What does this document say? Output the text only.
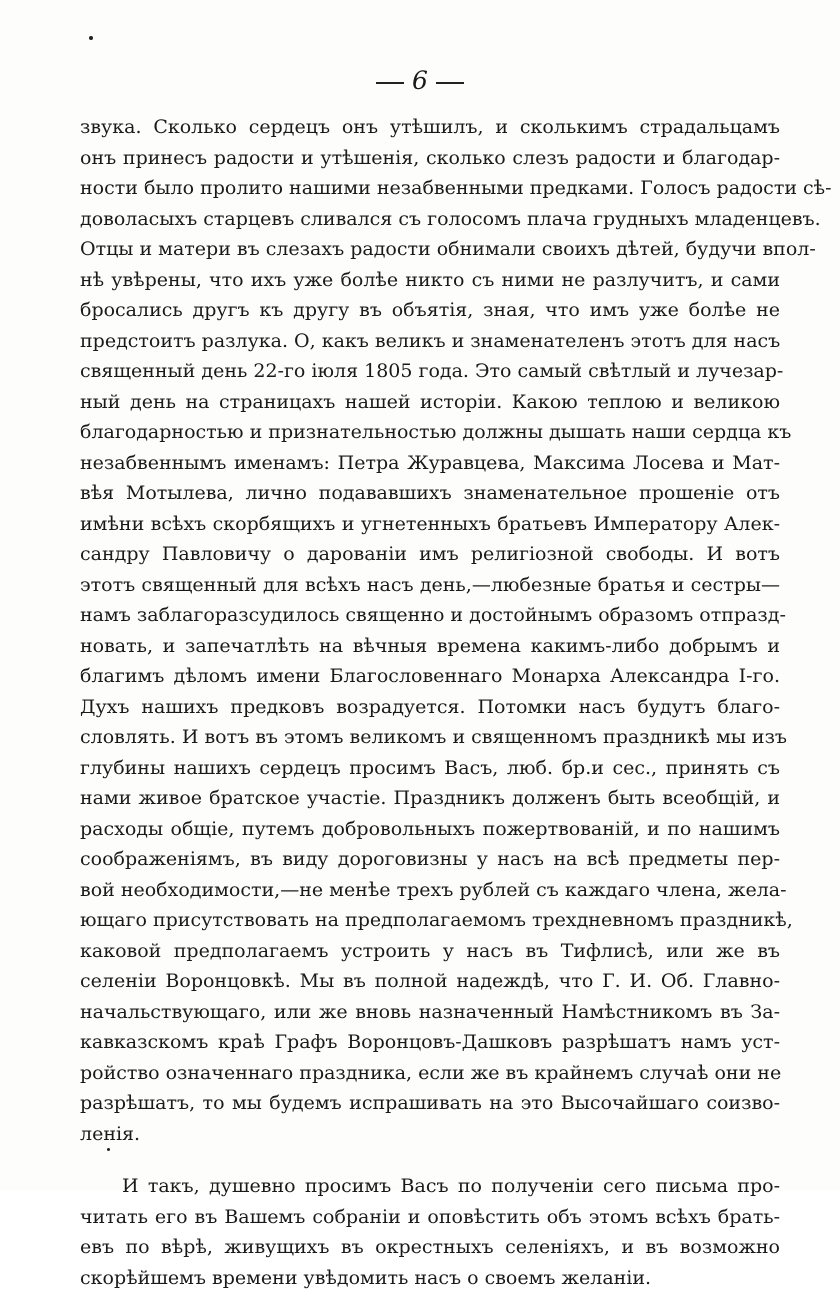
6
звука. Сколько сердецъ онъ утѣшилъ, и сколькимъ страдальцамъ
онъ принесъ радости и утѣшенія, сколько слезъ радости и благодар-
ности было пролито нашими незабвенными предками. Голосъ радости сѣ-
доволасыхъ старцевъ сливался съ голосомъ плача грудныхъ младенцевъ.
Отцы и матери въ слезахъ радости обнимали своихъ дѣтей, будучи впол-
нѣ увѣрены, что ихъ уже болѣе никто съ ними не разлучитъ, и сами
бросались другъ къ другу въ объятія, зная, что имъ уже болѣе не
предстоитъ разлука. О, какъ великъ и знаменателенъ этотъ для насъ
священный день 22-го іюля 1805 года. Это самый свѣтлый и лучезар-
ный день на страницахъ нашей исторіи. Какою теплою и великою
благодарностью и признательностью должны дышать наши сердца къ
незабвеннымъ именамъ: Петра Журавцева, Максима Лосева и Мат-
вѣя Мотылева, лично подававшихъ знаменательное прошеніе отъ
имѣни всѣхъ скорбящихъ и угнетенныхъ братьевъ Императору Алек-
сандру Павловичу о дарованіи имъ религіозной свободы. И вотъ
этотъ священный для всѣхъ насъ день,—любезные братья и сестры—
намъ заблагоразсудилось священно и достойнымъ образомъ отпразд-
новать, и запечатлѣть на вѣчныя времена какимъ-либо добрымъ и
благимъ дѣломъ имени Благословеннаго Монарха Александра I-го.
Духъ нашихъ предковъ возрадуется. Потомки насъ будутъ благо-
словлять. И вотъ въ этомъ великомъ и священномъ праздникѣ мы изъ
глубины нашихъ сердецъ просимъ Васъ, люб. бр.и сес., принять съ
нами живое братское участіе. Праздникъ долженъ быть всеобщій, и
расходы общіе, путемъ добровольныхъ пожертвованій, и по нашимъ
соображеніямъ, въ виду дороговизны у насъ на всѣ предметы пер-
вой необходимости,—не менѣе трехъ рублей съ каждаго члена, жела-
ющаго присутствовать на предполагаемомъ трехдневномъ праздникѣ,
каковой предполагаемъ устроить у насъ въ Тифлисѣ, или же въ
селеніи Воронцовкѣ. Мы въ полной надеждѣ, что Г. И. Об. Главно-
начальствующаго, или же вновь назначенный Намѣстникомъ въ За-
кавказскомъ краѣ Графъ Воронцовъ-Дашковъ разрѣшатъ намъ уст-
ройство означеннаго праздника, если же въ крайнемъ случаѣ они не
разрѣшатъ, то мы будемъ испрашивать на это Высочайшаго соизво-
ленія.
И такъ, душевно просимъ Васъ по полученіи сего письма про-
читать его въ Вашемъ собраніи и оповѣстить объ этомъ всѣхъ брать-
евъ по вѣрѣ, живущихъ въ окрестныхъ селеніяхъ, и въ возможно
скорѣйшемъ времени увѣдомить насъ о своемъ желаніи.
